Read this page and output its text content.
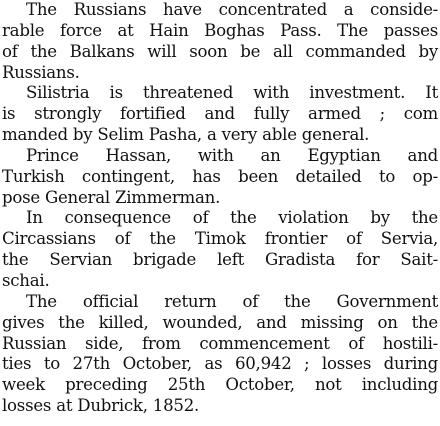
The Russians have concentrated a conside-
rable force at Hain Boghas Pass. The passes
of the Balkans will soon be all commanded by
Russians.
Silistria is threatened with investment. It
is strongly fortified and fully armed ; com
manded by Selim Pasha, a very able general.
Prince Hassan, with an Egyptian and
Turkish contingent, has been detailed to op-
pose General Zimmerman.
In consequence of the violation by the
Circassians of the Timok frontier of Servia,
the Servian brigade left Gradista for Sait-
schai.
The official return of the Government
gives the killed, wounded, and missing on the
Russian side, from commencement of hostili-
ties to 27th October, as 60,942 ; losses during
week preceding 25th October, not including
losses at Dubrick, 1852.
